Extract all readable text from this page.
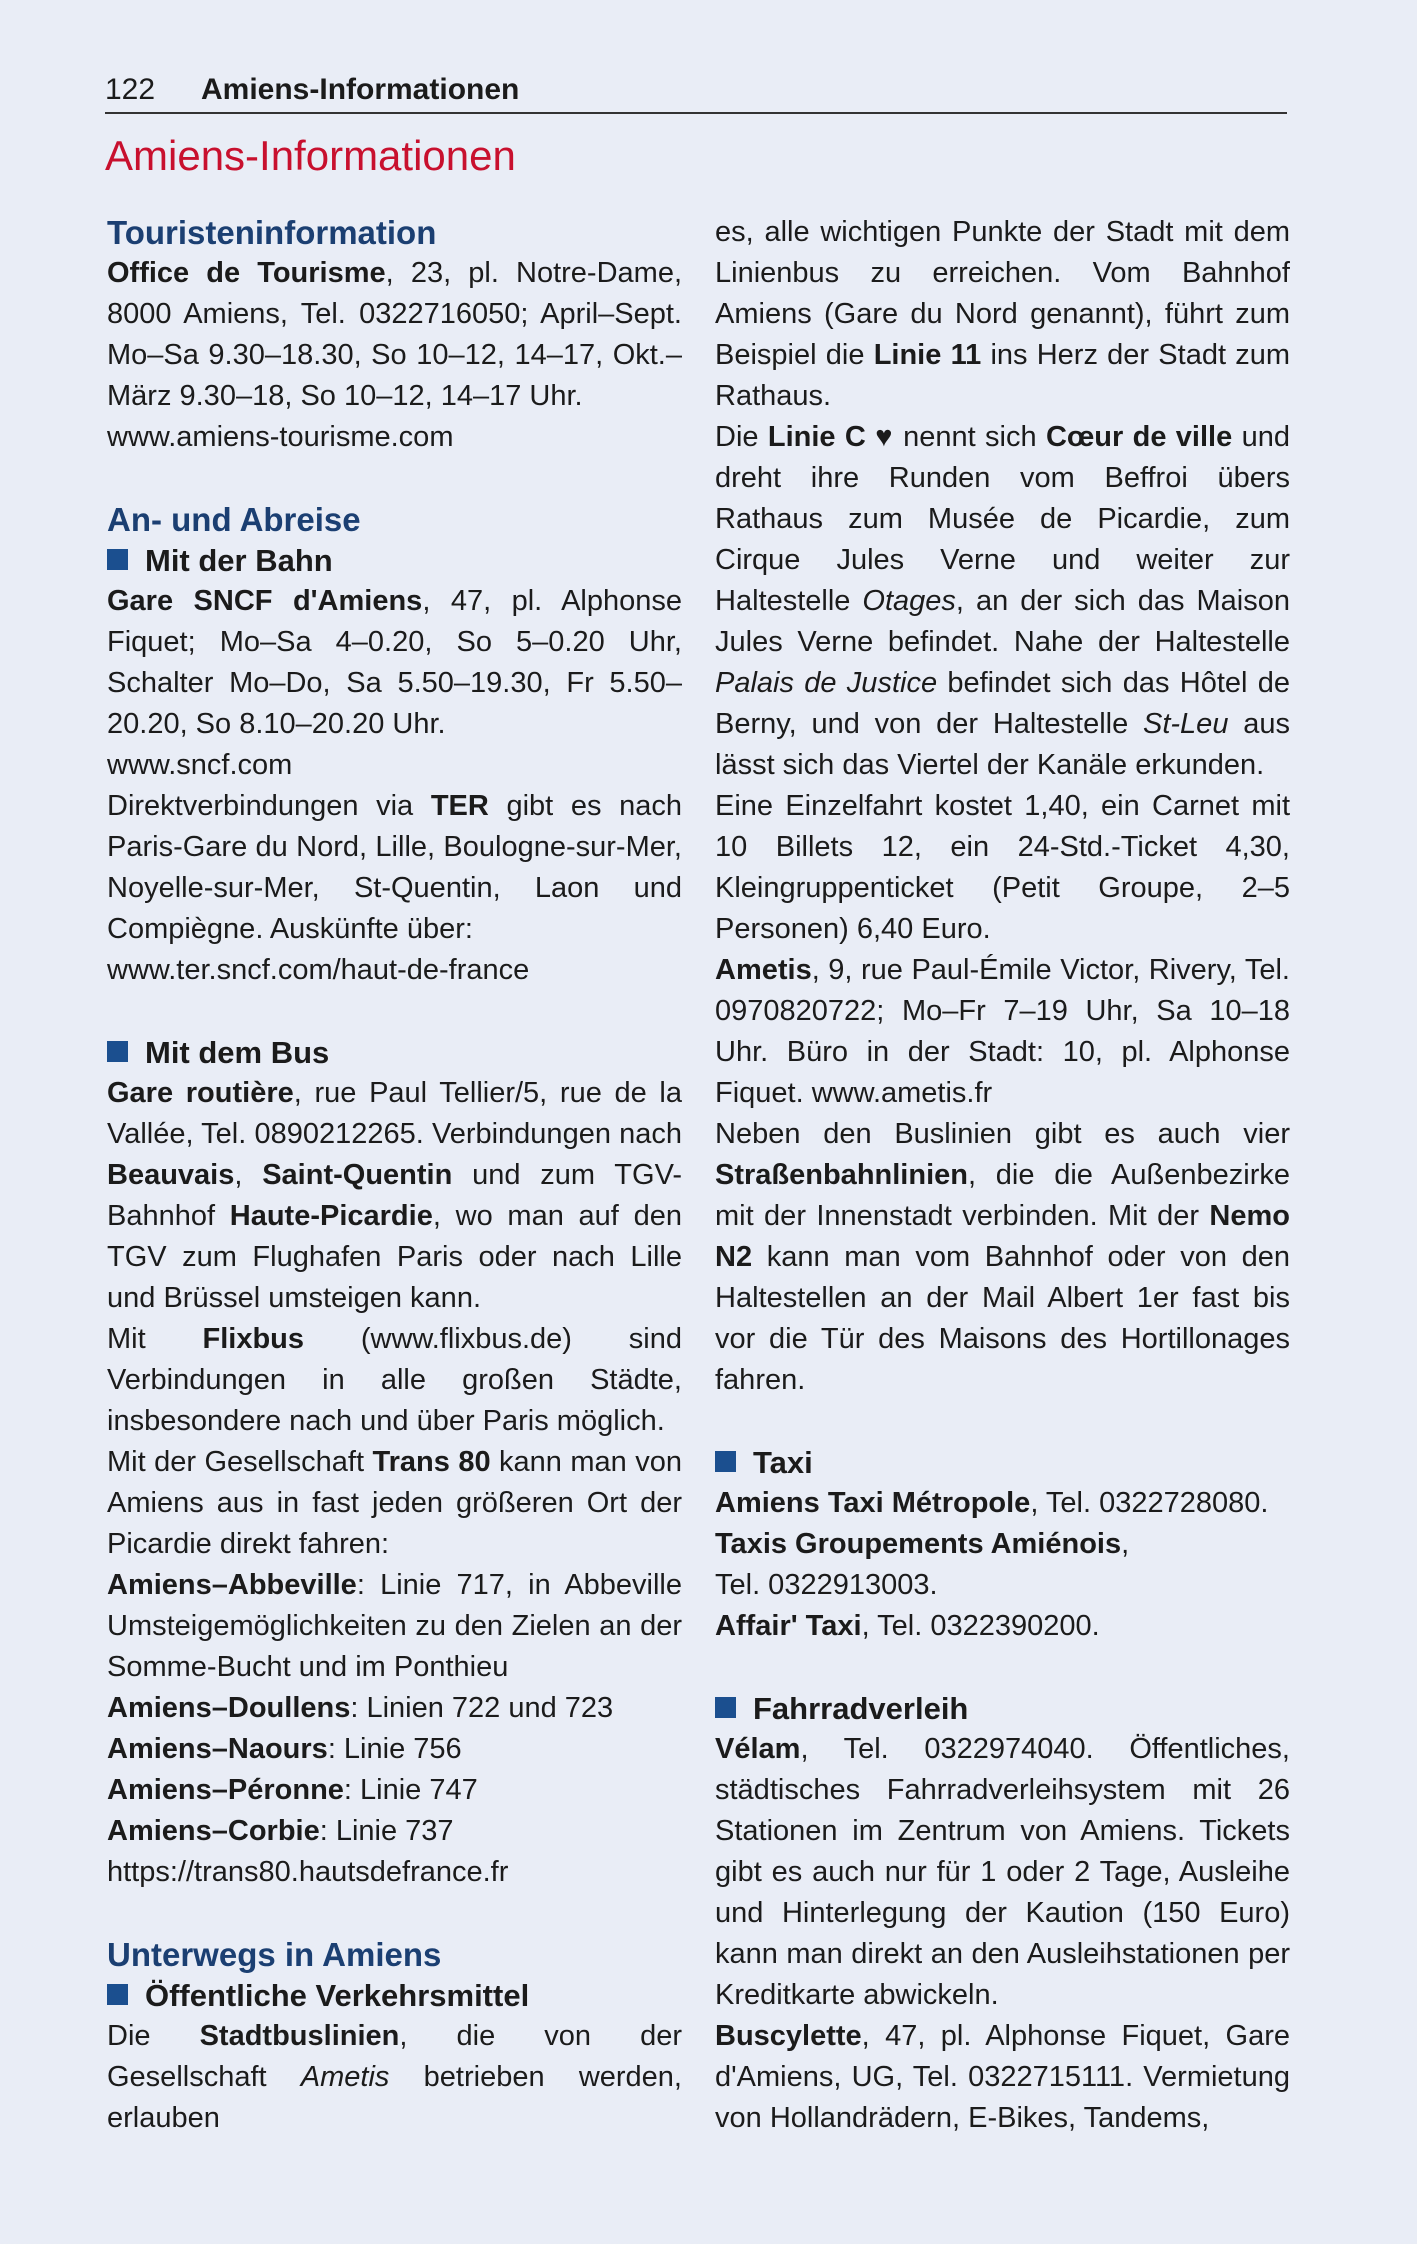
122 Amiens-Informationen
Amiens-Informationen

Touristeninformation

Office de Tourisme, 23, pl. Notre-Dame, 8000 Amiens, Tel. 0322716050; April–Sept. Mo–Sa 9.30–18.30, So 10–12, 14–17, Okt.–März 9.30–18, So 10–12, 14–17 Uhr.

www.amiens-tourisme.com

An- und Abreise

Mit der Bahn

Gare SNCF d'Amiens, 47, pl. Alphonse Fiquet; Mo–Sa 4–0.20, So 5–0.20 Uhr, Schalter Mo–Do, Sa 5.50–19.30, Fr 5.50–20.20, So 8.10–20.20 Uhr.

www.sncf.com

Direktverbindungen via TER gibt es nach Paris-Gare du Nord, Lille, Boulogne-sur-Mer, Noyelle-sur-Mer, St-Quentin, Laon und Compiègne. Auskünfte über:

www.ter.sncf.com/haut-de-france

Mit dem Bus

Gare routière, rue Paul Tellier/5, rue de la Vallée, Tel. 0890212265. Verbindungen nach Beauvais, Saint-Quentin und zum TGV-Bahnhof Haute-Picardie, wo man auf den TGV zum Flughafen Paris oder nach Lille und Brüssel umsteigen kann.

Mit Flixbus (www.flixbus.de) sind Verbindungen in alle großen Städte, insbesondere nach und über Paris möglich.

Mit der Gesellschaft Trans 80 kann man von Amiens aus in fast jeden größeren Ort der Picardie direkt fahren:

Amiens–Abbeville: Linie 717, in Abbeville Umsteigemöglichkeiten zu den Zielen an der Somme-Bucht und im Ponthieu

Amiens–Doullens: Linien 722 und 723

Amiens–Naours: Linie 756

Amiens–Péronne: Linie 747

Amiens–Corbie: Linie 737

https://trans80.hautsdefrance.fr

Unterwegs in Amiens

Öffentliche Verkehrsmittel

Die Stadtbuslinien, die von der Gesellschaft Ametis betrieben werden, erlauben

es, alle wichtigen Punkte der Stadt mit dem Linienbus zu erreichen. Vom Bahnhof Amiens (Gare du Nord genannt), führt zum Beispiel die Linie 11 ins Herz der Stadt zum Rathaus.

Die Linie C ♥ nennt sich Cœur de ville und dreht ihre Runden vom Beffroi übers Rathaus zum Musée de Picardie, zum Cirque Jules Verne und weiter zur Haltestelle Otages, an der sich das Maison Jules Verne befindet. Nahe der Haltestelle Palais de Justice befindet sich das Hôtel de Berny, und von der Haltestelle St-Leu aus lässt sich das Viertel der Kanäle erkunden.

Eine Einzelfahrt kostet 1,40, ein Carnet mit 10 Billets 12, ein 24-Std.-Ticket 4,30, Kleingruppenticket (Petit Groupe, 2–5 Personen) 6,40 Euro.

Ametis, 9, rue Paul-Émile Victor, Rivery, Tel. 0970820722; Mo–Fr 7–19 Uhr, Sa 10–18 Uhr. Büro in der Stadt: 10, pl. Alphonse Fiquet. www.ametis.fr

Neben den Buslinien gibt es auch vier Straßenbahnlinien, die die Außenbezirke mit der Innenstadt verbinden. Mit der Nemo N2 kann man vom Bahnhof oder von den Haltestellen an der Mail Albert 1er fast bis vor die Tür des Maisons des Hortillonages fahren.

Taxi

Amiens Taxi Métropole, Tel. 0322728080.

Taxis Groupements Amiénois,

Tel. 0322913003.

Affair' Taxi, Tel. 0322390200.

Fahrradverleih

Vélam, Tel. 0322974040. Öffentliches, städtisches Fahrradverleihsystem mit 26 Stationen im Zentrum von Amiens. Tickets gibt es auch nur für 1 oder 2 Tage, Ausleihe und Hinterlegung der Kaution (150 Euro) kann man direkt an den Ausleihstationen per Kreditkarte abwickeln.

Buscylette, 47, pl. Alphonse Fiquet, Gare d'Amiens, UG, Tel. 0322715111. Vermietung von Hollandrädern, E-Bikes, Tandems,
